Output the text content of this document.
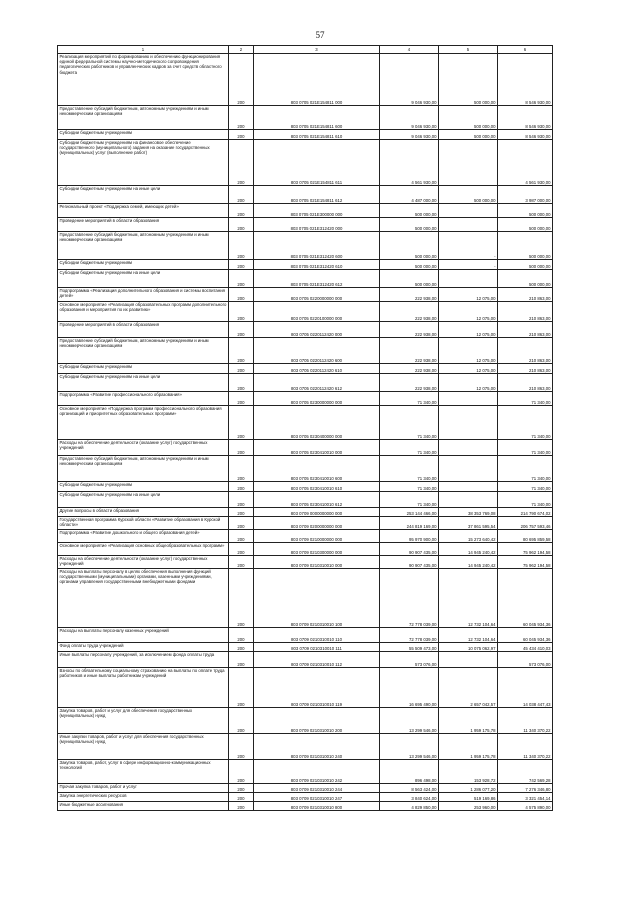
57
1	2	3	4	5	6
Реализация мероприятий по формированию и обеспечению функционирования единой федеральной системы научно-методического сопровождения педагогических работников и управленческих кадров за счет средств областного бюджета	200	803 0705 021E154811 000	9 046 930,00	500 000,00	8 546 930,00
Предоставление субсидий бюджетным, автономным учреждениям и иным некоммерческим организациям	200	803 0705 021E154811 600	9 046 930,00	500 000,00	8 546 930,00
Субсидии бюджетным учреждениям	200	803 0705 021E154811 610	9 046 930,00	500 000,00	8 546 930,00
Субсидии бюджетным учреждениям на финансовое обеспечение государственного (муниципального) задания на оказание государственных (муниципальных) услуг (выполнение работ)	200	803 0705 021E154811 611	4 561 930,00		4 561 930,00
Субсидии бюджетным учреждениям на иные цели	200	803 0705 021E154811 612	4 487 000,00	500 000,00	3 987 000,00
Региональный проект «Поддержка семей, имеющих детей»	200	803 0705 021E300000 000	500 000,00		500 000,00
Проведение мероприятий в области образования	200	803 0705 021E312420 000	500 000,00		500 000,00
Предоставление субсидий бюджетным, автономным учреждениям и иным некоммерческим организациям	200	803 0705 021E312420 600	500 000,00	-	500 000,00
Субсидии бюджетным учреждениям	200	803 0705 021E312420 610	500 000,00	-	500 000,00
Субсидии бюджетным учреждениям на иные цели	200	803 0705 021E312420 612	500 000,00		500 000,00
Подпрограмма «Реализация дополнительного образования и системы воспитания детей»	200	803 0705 0220000000 000	222 938,00	12 075,00	210 863,00
Основное мероприятие «Реализация образовательных программ дополнительного образования и мероприятия по их развитию»	200	803 0705 0220100000 000	222 938,00	12 075,00	210 863,00
Проведение мероприятий в области образования	200	803 0705 0220112420 000	222 938,00	12 075,00	210 863,00
Предоставление субсидий бюджетным, автономным учреждениям и иным некоммерческим организациям	200	803 0705 0220112420 600	222 938,00	12 075,00	210 863,00
Субсидии бюджетным учреждениям	200	803 0705 0220112420 610	222 938,00	12 075,00	210 863,00
Субсидии бюджетным учреждениям на иные цели	200	803 0705 0220112420 612	222 938,00	12 075,00	210 863,00
Подпрограмма «Развитие профессионального образования»	200	803 0705 0230000000 000	71 340,00		71 340,00
Основное мероприятие «Поддержка программ профессионального образования организаций и приоритетных образовательных программ»	200	803 0705 0230400000 000	71 340,00		71 340,00
Расходы на обеспечение деятельности (оказание услуг) государственных учреждений	200	803 0705 0230410010 000	71 340,00		71 340,00
Предоставление субсидий бюджетным, автономным учреждениям и иным некоммерческим организациям	200	803 0705 0230410010 600	71 340,00		71 340,00
Субсидии бюджетным учреждениям	200	803 0705 0230410010 610	71 340,00		71 340,00
Субсидии бюджетным учреждениям на иные цели	200	803 0705 0230410010 612	71 340,00		71 340,00
Другие вопросы в области образования	200	803 0709 0000000000 000	253 144 466,00	38 353 769,08	214 790 674,02
Государственная программа Курской области «Развитие образования в Курской области»	200	803 0709 0200000000 000	244 819 169,00	37 861 595,54	206 757 593,46
Подпрограмма «Развитие дошкольного и общего образования детей»	200	803 0709 0210000000 000	95 970 900,00	15 273 640,42	80 695 859,58
Основное мероприятие «Реализация основных общеобразовательных программ»	200	803 0709 0210300000 000	90 907 435,00	14 945 240,42	75 962 194,58
Расходы на обеспечение деятельности (оказание услуг) государственных учреждений	200	803 0709 0210310010 000	90 907 435,00	14 945 240,42	75 962 194,58
Расходы на выплаты персоналу в целях обеспечения выполнения функций государственными (муниципальными) органами, казенными учреждениями, органами управления государственными внебюджетными фондами	200	803 0709 0210310010 100	72 778 039,00	12 732 104,64	60 045 934,36
Расходы на выплаты персоналу казенных учреждений	200	803 0709 0210310010 110	72 778 039,00	12 732 104,64	60 045 934,36
Фонд оплаты труда учреждений	200	803 0709 0210310010 111	55 509 473,00	10 075 062,97	45 434 410,03
Иные выплаты персоналу учреждений, за исключением фонда оплаты труда	200	803 0709 0210310010 112	573 076,00		573 076,00
Взносы по обязательному социальному страхованию на выплаты по оплате труда работников и иные выплаты работникам учреждений	200	803 0709 0210310010 119	16 695 490,00	2 657 042,57	14 038 447,43
Закупка товаров, работ и услуг для обеспечения государственных (муниципальных) нужд	200	803 0709 0210310010 200	13 299 546,00	1 959 175,78	11 340 370,22
Иные закупки товаров, работ и услуг для обеспечения государственных (муниципальных) нужд	200	803 0709 0210310010 240	13 299 546,00	1 959 175,78	11 340 370,22
Закупка товаров, работ, услуг в сфере информационно-коммуникационных технологий	200	803 0709 0210310010 242	896 498,00	153 928,72	742 569,28
Прочая закупка товаров, работ и услуг	200	803 0709 0210310010 244	8 563 424,00	1 286 077,20	7 276 346,80
Закупка энергетических ресурсов	200	803 0709 0210310010 247	3 840 624,00	519 169,86	3 321 454,14
Иные бюджетные ассигнования	200	803 0709 0210310010 800	4 829 850,00	253 960,00	4 575 890,00
